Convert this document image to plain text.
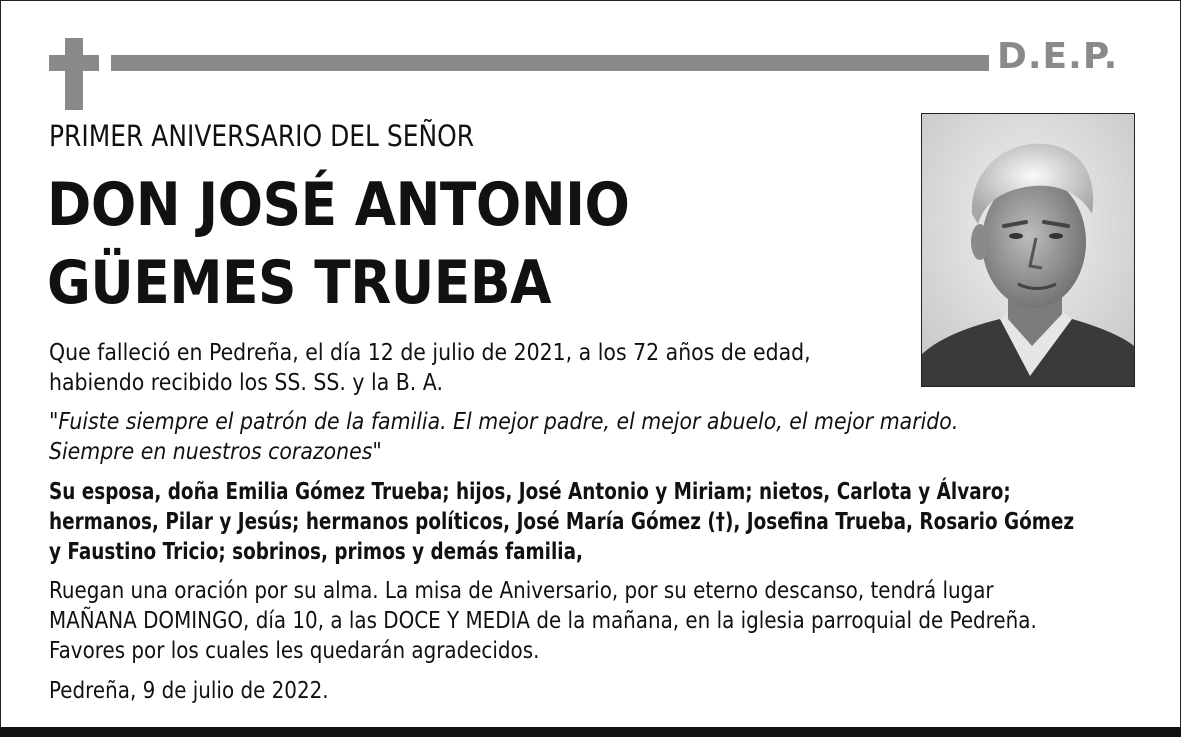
D.E.P.
PRIMER ANIVERSARIO DEL SEÑOR
DON JOSÉ ANTONIO
GÜEMES TRUEBA
Que falleció en Pedreña, el día 12 de julio de 2021, a los 72 años de edad,
habiendo recibido los SS. SS. y la B. A.
"Fuiste siempre el patrón de la familia. El mejor padre, el mejor abuelo, el mejor marido.
Siempre en nuestros corazones"
Su esposa, doña Emilia Gómez Trueba; hijos, José Antonio y Miriam; nietos, Carlota y Álvaro;
hermanos, Pilar y Jesús; hermanos políticos, José María Gómez (†), Josefina Trueba, Rosario Gómez
y Faustino Tricio; sobrinos, primos y demás familia,
Ruegan una oración por su alma. La misa de Aniversario, por su eterno descanso, tendrá lugar
MAÑANA DOMINGO, día 10, a las DOCE Y MEDIA de la mañana, en la iglesia parroquial de Pedreña.
Favores por los cuales les quedarán agradecidos.
Pedreña, 9 de julio de 2022.
